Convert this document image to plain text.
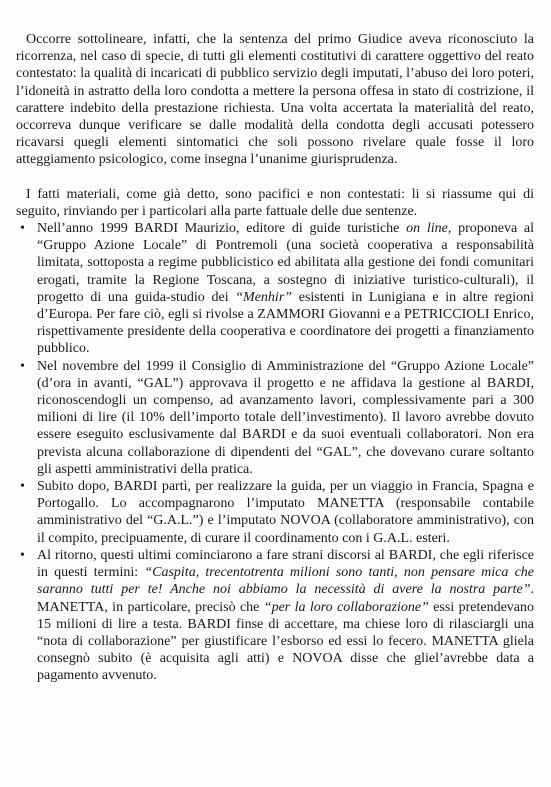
Occorre sottolineare, infatti, che la sentenza del primo Giudice aveva riconosciuto la ricorrenza, nel caso di specie, di tutti gli elementi costitutivi di carattere oggettivo del reato contestato: la qualità di incaricati di pubblico servizio degli imputati, l’abuso dei loro poteri, l’idoneità in astratto della loro condotta a mettere la persona offesa in stato di costrizione, il carattere indebito della prestazione richiesta. Una volta accertata la materialità del reato, occorreva dunque verificare se dalle modalità della condotta degli accusati potessero ricavarsi quegli elementi sintomatici che soli possono rivelare quale fosse il loro atteggiamento psicologico, come insegna l’unanime giurisprudenza.

I fatti materiali, come già detto, sono pacifici e non contestati: li si riassume qui di seguito, rinviando per i particolari alla parte fattuale delle due sentenze.

• Nell’anno 1999 BARDI Maurizio, editore di guide turistiche on line, proponeva al “Gruppo Azione Locale” di Pontremoli (una società cooperativa a responsabilità limitata, sottoposta a regime pubblicistico ed abilitata alla gestione dei fondi comunitari erogati, tramite la Regione Toscana, a sostegno di iniziative turistico-culturali), il progetto di una guida-studio dei “Menhir” esistenti in Lunigiana e in altre regioni d’Europa. Per fare ciò, egli si rivolse a ZAMMORI Giovanni e a PETRICCIOLI Enrico, rispettivamente presidente della cooperativa e coordinatore dei progetti a finanziamento pubblico.
• Nel novembre del 1999 il Consiglio di Amministrazione del “Gruppo Azione Locale” (d’ora in avanti, “GAL”) approvava il progetto e ne affidava la gestione al BARDI, riconoscendogli un compenso, ad avanzamento lavori, complessivamente pari a 300 milioni di lire (il 10% dell’importo totale dell’investimento). Il lavoro avrebbe dovuto essere eseguito esclusivamente dal BARDI e da suoi eventuali collaboratori. Non era prevista alcuna collaborazione di dipendenti del “GAL”, che dovevano curare soltanto gli aspetti amministrativi della pratica.
• Subito dopo, BARDI partì, per realizzare la guida, per un viaggio in Francia, Spagna e Portogallo. Lo accompagnarono l’imputato MANETTA (responsabile contabile amministrativo del “G.A.L.”) e l’imputato NOVOA (collaboratore amministrativo), con il compito, precipuamente, di curare il coordinamento con i G.A.L. esteri.
• Al ritorno, questi ultimi cominciarono a fare strani discorsi al BARDI, che egli riferisce in questi termini: “Caspita, trecentotrenta milioni sono tanti, non pensare mica che saranno tutti per te! Anche noi abbiamo la necessità di avere la nostra parte”. MANETTA, in particolare, precisò che “per la loro collaborazione” essi pretendevano 15 milioni di lire a testa. BARDI finse di accettare, ma chiese loro di rilasciargli una “nota di collaborazione” per giustificare l’esborso ed essi lo fecero. MANETTA gliela consegnò subito (è acquisita agli atti) e NOVOA disse che gliel’avrebbe data a pagamento avvenuto.
